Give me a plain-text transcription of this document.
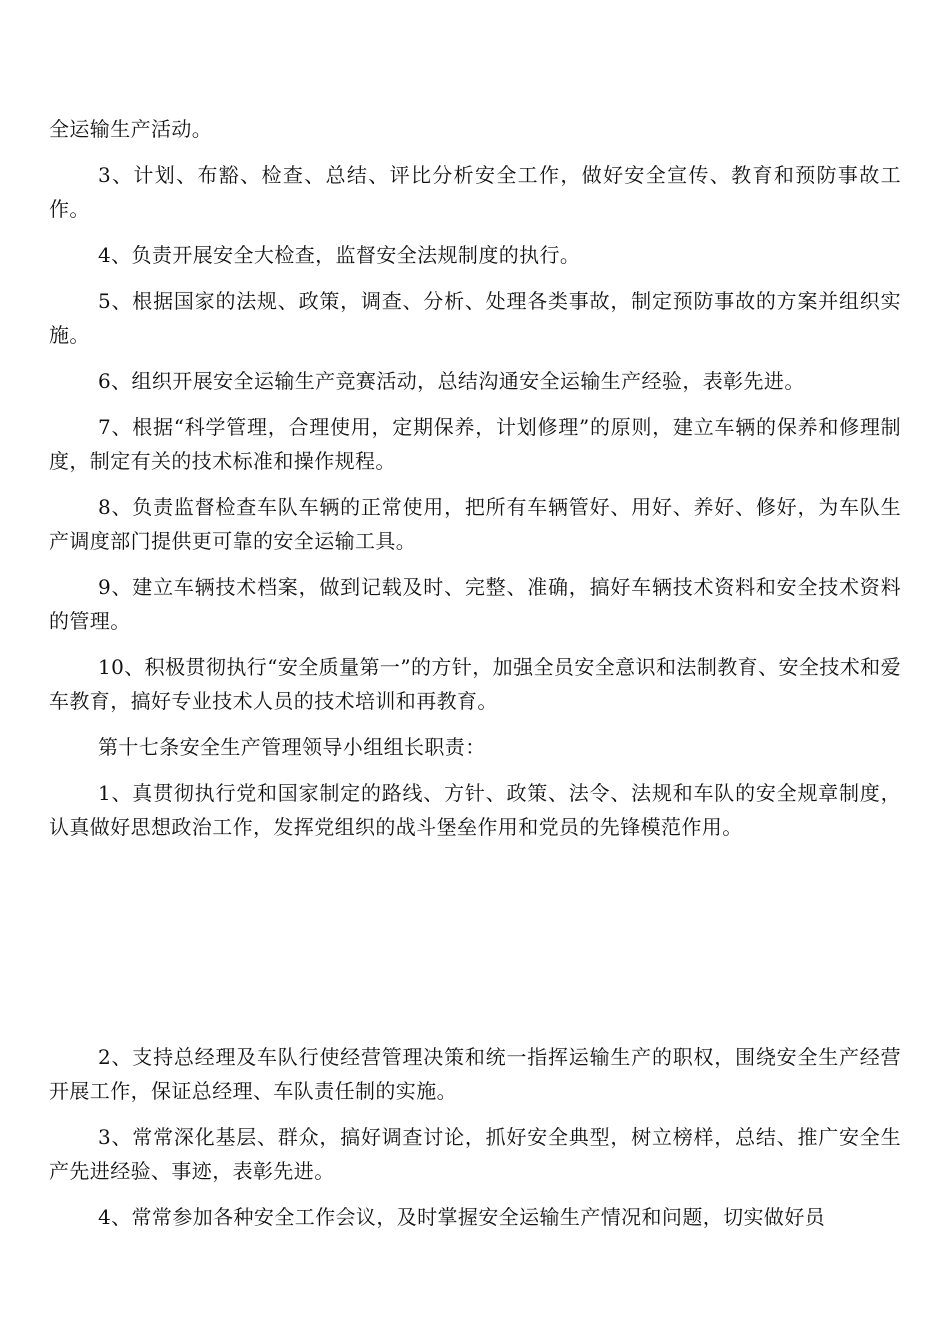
全运输生产活动。

3、计划、布豁、检查、总结、评比分析安全工作，做好安全宣传、教育和预防事故工作。

4、负责开展安全大检查，监督安全法规制度的执行。

5、根据国家的法规、政策，调查、分析、处理各类事故，制定预防事故的方案并组织实施。

6、组织开展安全运输生产竞赛活动，总结沟通安全运输生产经验，表彰先进。

7、根据“科学管理，合理使用，定期保养，计划修理”的原则，建立车辆的保养和修理制度，制定有关的技术标准和操作规程。

8、负责监督检查车队车辆的正常使用，把所有车辆管好、用好、养好、修好，为车队生产调度部门提供更可靠的安全运输工具。

9、建立车辆技术档案，做到记载及时、完整、准确，搞好车辆技术资料和安全技术资料的管理。

10、积极贯彻执行“安全质量第一”的方针，加强全员安全意识和法制教育、安全技术和爱车教育，搞好专业技术人员的技术培训和再教育。

第十七条安全生产管理领导小组组长职责：

1、真贯彻执行党和国家制定的路线、方针、政策、法令、法规和车队的安全规章制度，认真做好思想政治工作，发挥党组织的战斗堡垒作用和党员的先锋模范作用。

2、支持总经理及车队行使经营管理决策和统一指挥运输生产的职权，围绕安全生产经营开展工作，保证总经理、车队责任制的实施。

3、常常深化基层、群众，搞好调查讨论，抓好安全典型，树立榜样，总结、推广安全生产先进经验、事迹，表彰先进。

4、常常参加各种安全工作会议，及时掌握安全运输生产情况和问题，切实做好员
